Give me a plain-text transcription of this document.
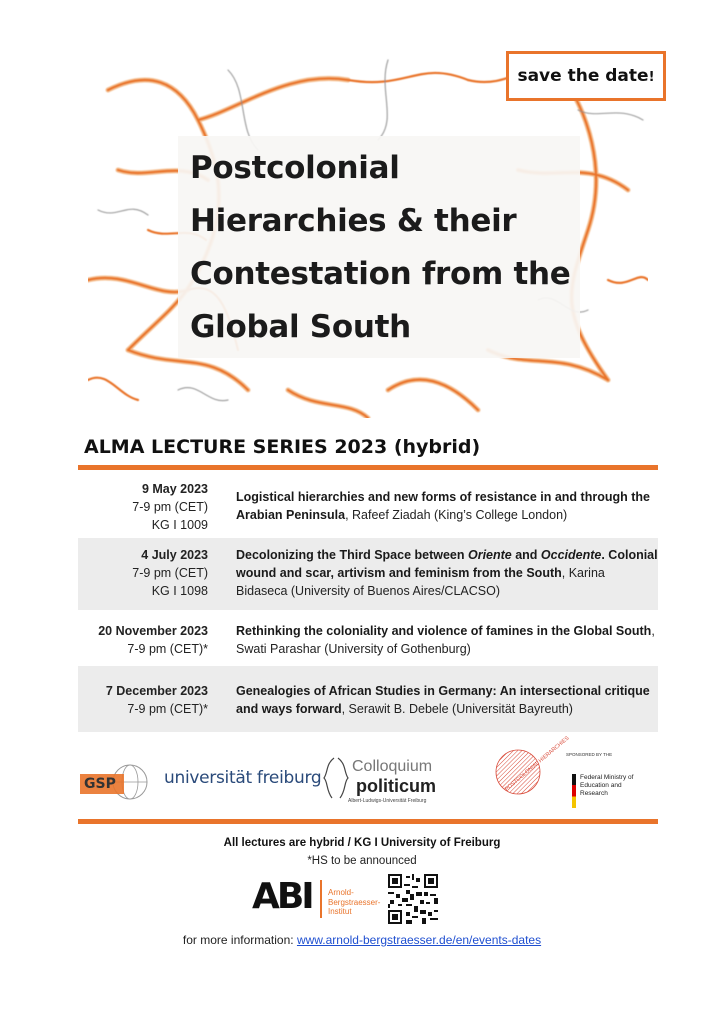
Postcolonial Hierarchies & their Contestation from the Global South
save the date!
ALMA LECTURE SERIES 2023 (hybrid)
9 May 2023
7-9 pm (CET)
KG I 1009
Logistical hierarchies and new forms of resistance in and through the Arabian Peninsula, Rafeef Ziadah (King’s College London)
4 July 2023
7-9 pm (CET)
KG I 1098
Decolonizing the Third Space between Oriente and Occidente. Colonial wound and scar, artivism and feminism from the South, Karina Bidaseca (University of Buenos Aires/CLACSO)
20 November 2023
7-9 pm (CET)*
Rethinking the coloniality and violence of famines in the Global South, Swati Parashar (University of Gothenburg)
7 December 2023
7-9 pm (CET)*
Genealogies of African Studies in Germany: An intersectional critique and ways forward, Serawit B. Debele (Universität Bayreuth)
GSP	universität freiburg
Colloquium
politicum
Albert-Ludwigs-Universität Freiburg
POSTCOLONIAL HIERARCHIES
SPONSORED BY THE
Federal Ministry of Education and Research
All lectures are hybrid / KG I University of Freiburg
*HS to be announced
ABI Arnold-Bergstraesser-Institut
for more information: www.arnold-bergstraesser.de/en/events-dates
